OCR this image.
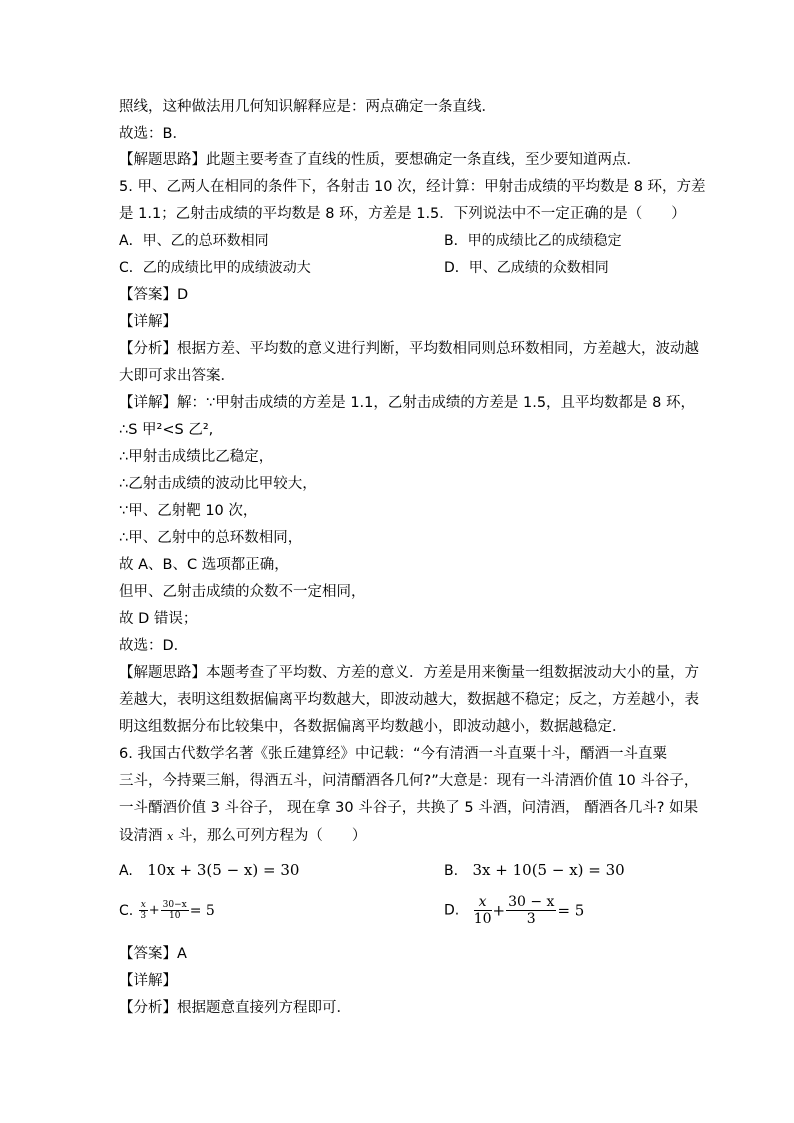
照线，这种做法用几何知识解释应是：两点确定一条直线．
故选：B．
【解题思路】此题主要考查了直线的性质，要想确定一条直线，至少要知道两点．
5. 甲、乙两人在相同的条件下，各射击 10 次，经计算：甲射击成绩的平均数是 8 环，方差
是 1.1；乙射击成绩的平均数是 8 环，方差是 1.5．下列说法中不一定正确的是（　　）
A．甲、乙的总环数相同	B．甲的成绩比乙的成绩稳定
C．乙的成绩比甲的成绩波动大	D．甲、乙成绩的众数相同
【答案】D
【详解】
【分析】根据方差、平均数的意义进行判断，平均数相同则总环数相同，方差越大，波动越
大即可求出答案．
【详解】解：∵甲射击成绩的方差是 1.1，乙射击成绩的方差是 1.5，且平均数都是 8 环，
∴S 甲²<S 乙²,
∴甲射击成绩比乙稳定，
∴乙射击成绩的波动比甲较大，
∵甲、乙射靶 10 次，
∴甲、乙射中的总环数相同，
故 A、B、C 选项都正确，
但甲、乙射击成绩的众数不一定相同，
故 D 错误；
故选：D．
【解题思路】本题考查了平均数、方差的意义．方差是用来衡量一组数据波动大小的量，方
差越大，表明这组数据偏离平均数越大，即波动越大，数据越不稳定；反之，方差越小，表
明这组数据分布比较集中，各数据偏离平均数越小，即波动越小，数据越稳定．
6. 我国古代数学名著《张丘建算经》中记载：“今有清酒一斗直粟十斗，醑酒一斗直粟
三斗，今持粟三斛，得酒五斗，问清醑酒各几何?”大意是：现有一斗清酒价值 10 斗谷子，
一斗醑酒价值 3 斗谷子， 现在拿 30 斗谷子，共换了 5 斗酒，问清酒， 醑酒各几斗? 如果
设清酒 x 斗，那么可列方程为（　　）
A. 10x + 3(5 − x) = 30	B. 3x + 10(5 − x) = 30
C. $\frac{x}{3} + \frac{30-x}{10} = 5$	D. $\frac{x}{10} + \frac{30 - x}{3} = 5$
【答案】A
【详解】
【分析】根据题意直接列方程即可．
